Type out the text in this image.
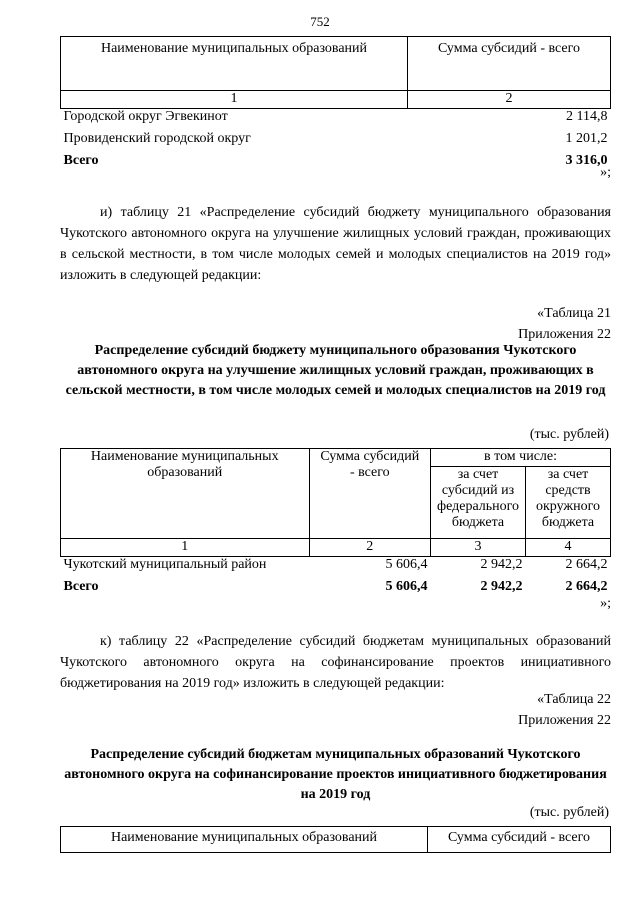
752
Наименование муниципальных образований	Сумма субсидий - всего
1	2
Городской округ Эгвекинот	2 114,8
Провиденский городской округ	1 201,2
Всего	3 316,0
»;

и) таблицу 21 «Распределение субсидий бюджету муниципального образования Чукотского автономного округа на улучшение жилищных условий граждан, проживающих в сельской местности, в том числе молодых семей и молодых специалистов на 2019 год» изложить в следующей редакции:

«Таблица 21
Приложения 22
Распределение субсидий бюджету муниципального образования Чукотского автономного округа на улучшение жилищных условий граждан, проживающих в сельской местности, в том числе молодых семей и молодых специалистов на 2019 год
(тыс. рублей)
Наименование муниципальных образований	Сумма субсидий - всего	в том числе:	
		за счет субсидий из федерального бюджета	за счет средств окружного бюджета
1	2	3	4
Чукотский муниципальный район	5 606,4	2 942,2	2 664,2
Всего	5 606,4	2 942,2	2 664,2
»;

к) таблицу 22 «Распределение субсидий бюджетам муниципальных образований Чукотского автономного округа на софинансирование проектов инициативного бюджетирования на 2019 год» изложить в следующей редакции:

«Таблица 22
Приложения 22
Распределение субсидий бюджетам муниципальных образований Чукотского автономного округа на софинансирование проектов инициативного бюджетирования на 2019 год
(тыс. рублей)
Наименование муниципальных образований	Сумма субсидий - всего
